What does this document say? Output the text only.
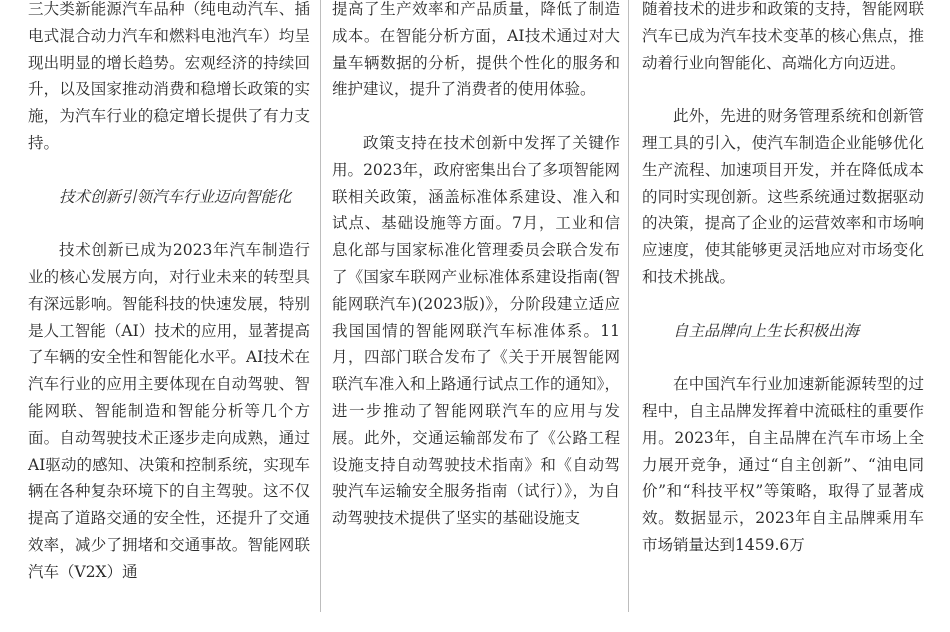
三大类新能源汽车品种（纯电动汽车、插电式混合动力汽车和燃料电池汽车）均呈现出明显的增长趋势。宏观经济的持续回升，以及国家推动消费和稳增长政策的实施，为汽车行业的稳定增长提供了有力支持。

技术创新引领汽车行业迈向智能化

技术创新已成为2023年汽车制造行业的核心发展方向，对行业未来的转型具有深远影响。智能科技的快速发展，特别是人工智能（AI）技术的应用，显著提高了车辆的安全性和智能化水平。AI技术在汽车行业的应用主要体现在自动驾驶、智能网联、智能制造和智能分析等几个方面。自动驾驶技术正逐步走向成熟，通过AI驱动的感知、决策和控制系统，实现车辆在各种复杂环境下的自主驾驶。这不仅提高了道路交通的安全性，还提升了交通效率，减少了拥堵和交通事故。智能网联汽车（V2X）通

提高了生产效率和产品质量，降低了制造成本。在智能分析方面，AI技术通过对大量车辆数据的分析，提供个性化的服务和维护建议，提升了消费者的使用体验。

政策支持在技术创新中发挥了关键作用。2023年，政府密集出台了多项智能网联相关政策，涵盖标准体系建设、准入和试点、基础设施等方面。7月，工业和信息化部与国家标准化管理委员会联合发布了《国家车联网产业标准体系建设指南(智能网联汽车)(2023版)》，分阶段建立适应我国国情的智能网联汽车标准体系。11月，四部门联合发布了《关于开展智能网联汽车准入和上路通行试点工作的通知》，进一步推动了智能网联汽车的应用与发展。此外，交通运输部发布了《公路工程设施支持自动驾驶技术指南》和《自动驾驶汽车运输安全服务指南（试行）》，为自动驾驶技术提供了坚实的基础设施支

随着技术的进步和政策的支持，智能网联汽车已成为汽车技术变革的核心焦点，推动着行业向智能化、高端化方向迈进。

此外，先进的财务管理系统和创新管理工具的引入，使汽车制造企业能够优化生产流程、加速项目开发，并在降低成本的同时实现创新。这些系统通过数据驱动的决策，提高了企业的运营效率和市场响应速度，使其能够更灵活地应对市场变化和技术挑战。

自主品牌向上生长积极出海

在中国汽车行业加速新能源转型的过程中，自主品牌发挥着中流砥柱的重要作用。2023年，自主品牌在汽车市场上全力展开竞争，通过“自主创新”、“油电同价”和“科技平权”等策略，取得了显著成效。数据显示，2023年自主品牌乘用车市场销量达到1459.6万
